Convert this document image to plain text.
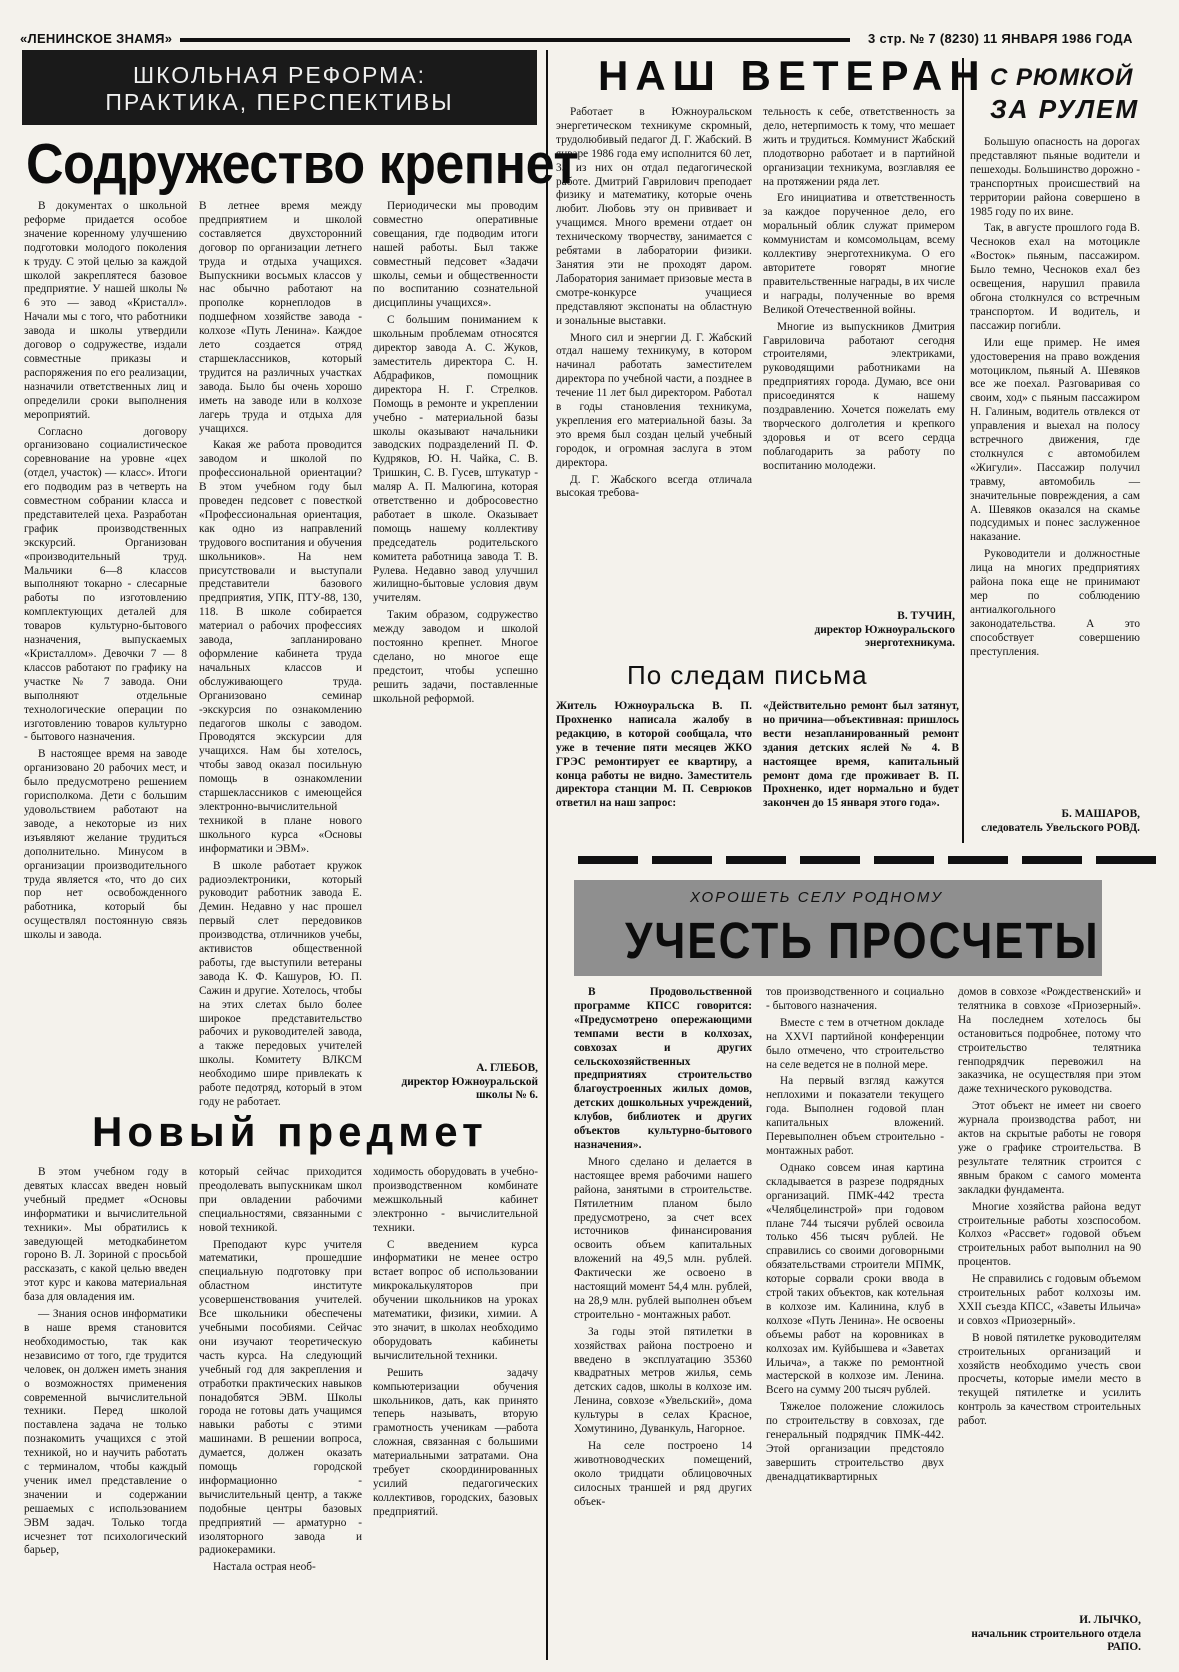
«ЛЕНИНСКОЕ ЗНАМЯ»	3 стр. № 7 (8230) 11 ЯНВАРЯ 1986 ГОДА
ШКОЛЬНАЯ РЕФОРМА:
ПРАКТИКА, ПЕРСПЕКТИВЫ
Содружество крепнет

В документах о школьной реформе придается особое значение коренному улучшению подготовки молодого поколения к труду. С этой целью за каждой школой закреплятеся базовое предприятие. У нашей школы № 6 это — завод «Кристалл». Начали мы с того, что работники завода и школы утвердили договор о содружестве, издали совместные приказы и распоряжения по его реализации, назначили ответственных лиц и определили сроки выполнения мероприятий.

Согласно договору организовано социалистическое соревнование на уровне «цех (отдел, участок) — класс». Итоги его подводим раз в четверть на совместном собрании класса и представителей цеха. Разработан график производственных экскурсий. Организован «производительный труд. Мальчики 6—8 классов выполняют токарно - слесарные работы по изготовлению комплектующих деталей для товаров культурно-бытового назначения, выпускаемых «Кристаллом». Девочки 7 — 8 классов работают по графику на участке № 7 завода. Они выполняют отдельные технологические операции по изготовлению товаров культурно - бытового назначения.

В настоящее время на заводе организовано 20 рабочих мест, и было предусмотрено решением горисполкома. Дети с большим удовольствием работают на заводе, а некоторые из них изъявляют желание трудиться дополнительно. Минусом в организации производительного труда является «то, что до сих пор нет освобожденного работника, который бы осуществлял постоянную связь школы и завода.

В летнее время между предприятием и школой составляется двухсторонний договор по организации летнего труда и отдыха учащихся. Выпускники восьмых классов у нас обычно работают на прополке корнеплодов в подшефном хозяйстве завода - колхозе «Путь Ленина». Каждое лето создается отряд старшеклассников, который трудится на различных участках завода. Было бы очень хорошо иметь на заводе или в колхозе лагерь труда и отдыха для учащихся.

Какая же работа проводится заводом и школой по профессиональной ориентации? В этом учебном году был проведен педсовет с повесткой «Профессиональная ориентация, как одно из направлений трудового воспитания и обучения школьников». На нем присутствовали и выступали представители базового предприятия, УПК, ПТУ-88, 130, 118. В школе собирается материал о рабочих профессиях завода, запланировано оформление кабинета труда начальных классов и обслуживающего труда. Организовано семинар -экскурсия по ознакомлению педагогов школы с заводом. Проводятся экскурсии для учащихся. Нам бы хотелось, чтобы завод оказал посильную помощь в ознакомлении старшеклассников с имеющейся электронно-вычислительной техникой в плане нового школьного курса «Основы информатики и ЭВМ».

В школе работает кружок радиоэлектроники, который руководит работник завода Е. Демин. Недавно у нас прошел первый слет передовиков производства, отличников учебы, активистов общественной работы, где выступили ветераны завода К. Ф. Кашуров, Ю. П. Сажин и другие. Хотелось, чтобы на этих слетах было более широкое представительство рабочих и руководителей завода, а также передовых учителей школы. Комитету ВЛКСМ необходимо шире привлекать к работе педотряд, который в этом году не работает.

Периодически мы проводим совместно оперативные совещания, где подводим итоги нашей работы. Был также совместный педсовет «Задачи школы, семьи и общественности по воспитанию сознательной дисциплины учащихся».

С большим пониманием к школьным проблемам относятся директор завода А. С. Жуков, заместитель директора С. Н. Абдрафиков, помощник директора Н. Г. Стрелков. Помощь в ремонте и укреплении учебно - материальной базы школы оказывают начальники заводских подразделений П. Ф. Кудряков, Ю. Н. Чайка, С. В. Тришкин, С. В. Гусев, штукатур - маляр А. П. Малюгина, которая ответственно и добросовестно работает в школе. Оказывает помощь нашему коллективу председатель родительского комитета работница завода Т. В. Рулева. Недавно завод улучшил жилищно-бытовые условия двум учителям.

Таким образом, содружество между заводом и школой постоянно крепнет. Многое сделано, но многое еще предстоит, чтобы успешно решить задачи, поставленные школьной реформой.

А. ГЛЕБОВ,
директор Южноуральской школы № 6.
Новый предмет

В этом учебном году в девятых классах введен новый учебный предмет «Основы информатики и вычислительной техники». Мы обратились к заведующей методкабинетом гороно В. Л. Зориной с просьбой рассказать, с какой целью введен этот курс и какова материальная база для овладения им.

— Знания основ информатики в наше время становится необходимостью, так как независимо от того, где трудится человек, он должен иметь знания о возможностях применения современной вычислительной техники. Перед школой поставлена задача не только познакомить учащихся с этой техникой, но и научить работать с терминалом, чтобы каждый ученик имел представление о значении и содержании решаемых с использованием ЭВМ задач. Только тогда исчезнет тот психологический барьер,

который сейчас приходится преодолевать выпускникам школ при овладении рабочими специальностями, связанными с новой техникой.

Преподают курс учителя математики, прошедшие специальную подготовку при областном институте усовершенствования учителей. Все школьники обеспечены учебными пособиями. Сейчас они изучают теоретическую часть курса. На следующий учебный год для закрепления и отработки практических навыков понадобятся ЭВМ. Школы города не готовы дать учащимся навыки работы с этими машинами. В решении вопроса, думается, должен оказать помощь городской информационно - вычислительный центр, а также подобные центры базовых предприятий — арматурно - изоляторного завода и радиокерамики.

Настала острая необ-

ходимость оборудовать в учебно-производственном комбинате межшкольный кабинет электронно - вычислительной техники.

С введением курса информатики не менее остро встает вопрос об использовании микрокалькуляторов при обучении школьников на уроках математики, физики, химии. А это значит, в школах необходимо оборудовать кабинеты вычислительной техники.

Решить задачу компьютеризации обучения школьников, дать, как принято теперь называть, вторую грамотность ученикам —работа сложная, связанная с большими материальными затратами. Она требует скоординированных усилий педагогических коллективов, городских, базовых предприятий.

НАШ ВЕТЕРАН

Работает в Южноуральском энергетическом техникуме скромный, трудолюбивый педагог Д. Г. Жабский. В январе 1986 года ему исполнится 60 лет, 35 из них он отдал педагогической работе. Дмитрий Гаврилович преподает физику и математику, которые очень любит. Любовь эту он прививает и учащимся. Много времени отдает он техническому творчеству, занимается с ребятами в лаборатории физики. Занятия эти не проходят даром. Лаборатория занимает призовые места в смотре-конкурсе учащиеся представляют экспонаты на областную и зональные выставки.

Много сил и энергии Д. Г. Жабский отдал нашему техникуму, в котором начинал работать заместителем директора по учебной части, а позднее в течение 11 лет был директором. Работал в годы становления техникума, укрепления его материальной базы. За это время был создан целый учебный городок, и огромная заслуга в этом директора.

Д. Г. Жабского всегда отличала высокая требова-

тельность к себе, ответственность за дело, нетерпимость к тому, что мешает жить и трудиться. Коммунист Жабский плодотворно работает и в партийной организации техникума, возглавляя ее на протяжении ряда лет.

Его инициатива и ответственность за каждое порученное дело, его моральный облик служат примером коммунистам и комсомольцам, всему коллективу энерготехникума. О его авторитете говорят многие правительственные награды, в их числе и награды, полученные во время Великой Отечественной войны.

Многие из выпускников Дмитрия Гавриловича работают сегодня строителями, электриками, руководящими работниками на предприятиях города. Думаю, все они присоединятся к нашему поздравлению. Хочется пожелать ему творческого долголетия и крепкого здоровья и от всего сердца поблагодарить за работу по воспитанию молодежи.

В. ТУЧИН,
директор Южноуральского энерготехникума.
По следам письма
Житель Южноуральска В. П. Прохненко написала жалобу в редакцию, в которой сообщала, что уже в течение пяти месяцев ЖКО ГРЭС ремонтирует ее квартиру, а конца работы не видно. Заместитель директора станции М. П. Севрюков ответил на наш запрос:
«Действительно ремонт был затянут, но причина—объективная: пришлось вести незапланированный ремонт здания детских яслей № 4. В настоящее время, капитальный ремонт дома где проживает В. П. Прохненко, идет нормально и будет закончен до 15 января этого года».
С РЮМКОЙ
ЗА РУЛЕМ

Большую опасность на дорогах представляют пьяные водители и пешеходы. Большинство дорожно - транспортных происшествий на территории района совершено в 1985 году по их вине.

Так, в августе прошлого года В. Чесноков ехал на мотоцикле «Восток» пьяным, пассажиром. Было темно, Чесноков ехал без освещения, нарушил правила обгона столкнулся со встречным транспортом. И водитель, и пассажир погибли.

Или еще пример. Не имея удостоверения на право вождения мотоциклом, пьяный А. Шевяков все же поехал. Разговаривая со своим, ход» с пьяным пассажиром Н. Галиным, водитель отвлекся от управления и выехал на полосу встречного движения, где столкнулся с автомобилем «Жигули». Пассажир получил травму, автомобиль — значительные повреждения, а сам А. Шевяков оказался на скамье подсудимых и понес заслуженное наказание.

Руководители и должностные лица на многих предприятиях района пока еще не принимают мер по соблюдению антиалкогольного законодательства. А это способствует совершению преступления.

Б. МАШАРОВ,
следователь Увельского РОВД.
ХОРОШЕТЬ СЕЛУ РОДНОМУ
УЧЕСТЬ ПРОСЧЕТЫ

В Продовольственной программе КПСС говорится: «Предусмотрено опережающими темпами вести в колхозах, совхозах и других сельскохозяйственных предприятиях строительство благоустроенных жилых домов, детских дошкольных учреждений, клубов, библиотек и других объектов культурно-бытового назначения».

Много сделано и делается в настоящее время рабочими нашего района, занятыми в строительстве. Пятилетним планом было предусмотрено, за счет всех источников финансирования освоить объем капитальных вложений на 49,5 млн. рублей. Фактически же освоено в настоящий момент 54,4 млн. рублей, на 28,9 млн. рублей выполнен объем строительно - монтажных работ.

За годы этой пятилетки в хозяйствах района построено и введено в эксплуатацию 35360 квадратных метров жилья, семь детских садов, школы в колхозе им. Ленина, совхозе «Увельский», дома культуры в селах Красное, Хомутинино, Дуванкуль, Нагорное.

На селе построено 14 животноводческих помещений, около тридцати облицовочных силосных траншей и ряд других объек-

тов производственного и социально - бытового назначения.

Вместе с тем в отчетном докладе на XXVI партийной конференции было отмечено, что строительство на селе ведется не в полной мере.

На первый взгляд кажутся неплохими и показатели текущего года. Выполнен годовой план капитальных вложений. Перевыполнен объем строительно - монтажных работ.

Однако совсем иная картина складывается в разрезе подрядных организаций. ПМК-442 треста «Челябцелинстрой» при годовом плане 744 тысячи рублей освоила только 456 тысяч рублей. Не справились со своими договорными обязательствами строители МПМК, которые сорвали сроки ввода в строй таких объектов, как котельная в колхозе им. Калинина, клуб в колхозе «Путь Ленина». Не освоены объемы работ на коровниках в колхозах им. Куйбышева и «Заветах Ильича», а также по ремонтной мастерской в колхозе им. Ленина. Всего на сумму 200 тысяч рублей.

Тяжелое положение сложилось по строительству в совхозах, где генеральный подрядчик ПМК-442. Этой организации предстояло завершить строительство двух двенадцатиквартирных

домов в совхозе «Рождественский» и телятника в совхозе «Приозерный». На последнем хотелось бы остановиться подробнее, потому что строительство телятника генподрядчик перевожил на заказчика, не осуществляя при этом даже технического руководства.

Этот объект не имеет ни своего журнала производства работ, ни актов на скрытые работы не говоря уже о графике строительства. В результате телятник строится с явным браком с самого момента закладки фундамента.

Многие хозяйства района ведут строительные работы хозспособом. Колхоз «Рассвет» годовой объем строительных работ выполнил на 90 процентов.

Не справились с годовым объемом строительных работ колхозы им. XXII съезда КПСС, «Заветы Ильича» и совхоз «Приозерный».

В новой пятилетке руководителям строительных организаций и хозяйств необходимо учесть свои просчеты, которые имели место в текущей пятилетке и усилить контроль за качеством строительных работ.

И. ЛЫЧКО,
начальник строительного отдела РАПО.
